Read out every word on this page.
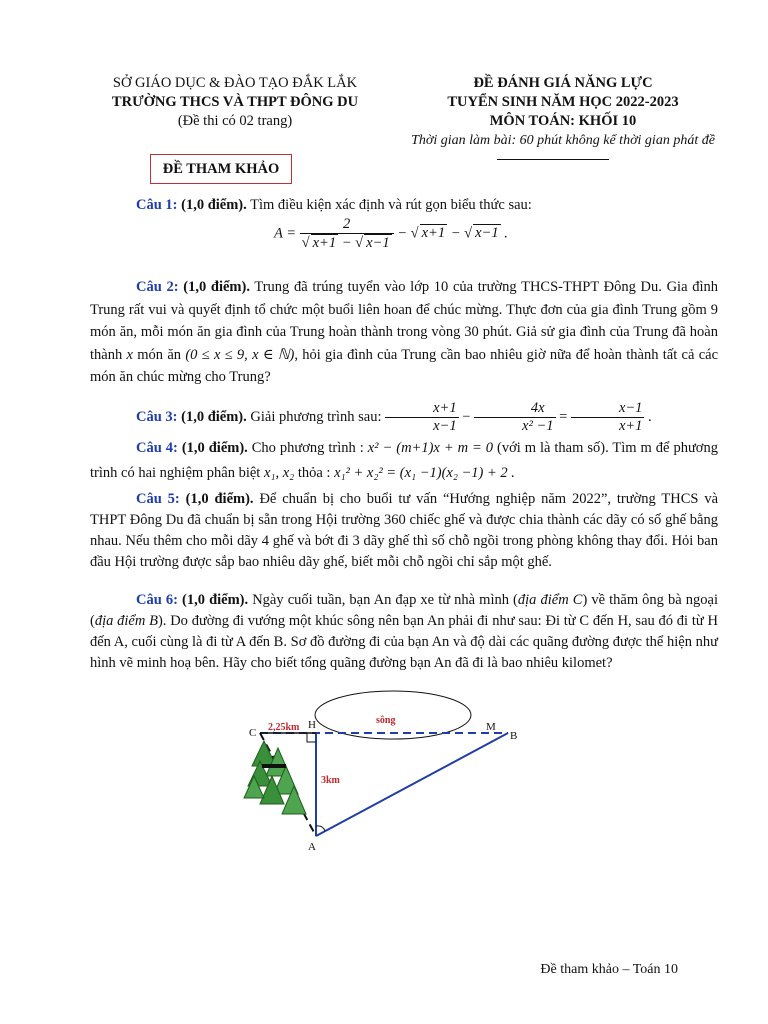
SỞ GIÁO DỤC & ĐÀO TẠO ĐẮK LẮK
TRƯỜNG THCS VÀ THPT ĐÔNG DU
(Đề thi có 02 trang)
ĐỀ ĐÁNH GIÁ NĂNG LỰC
TUYỂN SINH NĂM HỌC 2022-2023
MÔN TOÁN: KHỐI 10
Thời gian làm bài: 60 phút không kể thời gian phát đề
ĐỀ THAM KHẢO
Câu 1: (1,0 điểm). Tìm điều kiện xác định và rút gọn biểu thức sau:
$A = \frac{2}{√ x+1 - √ x-1}$ − √ x+1 − √ x−1 .
Câu 2: (1,0 điểm). Trung đã trúng tuyển vào lớp 10 của trường THCS-THPT Đông Du. Gia đình Trung rất vui và quyết định tổ chức một buổi liên hoan để chúc mừng. Thực đơn của gia đình Trung gồm 9 món ăn, mỗi món ăn gia đình của Trung hoàn thành trong vòng 30 phút. Giả sử gia đình của Trung đã hoàn thành x món ăn (0 ≤ x ≤ 9, x ∈ ℕ), hỏi gia đình của Trung cần bao nhiêu giờ nữa để hoàn thành tất cả các món ăn chúc mừng cho Trung?
Câu 3: (1,0 điểm). Giải phương trình sau: $\frac{x+1}{x-1} - \frac{4x}{\text{x² −1}} = \frac{x-1}{x+1}$ .
Câu 4: (1,0 điểm). Cho phương trình : x² − (m+1)x + m = 0 (với m là tham số). Tìm m để phương trình có hai nghiệm phân biệt x₁, x₂ thỏa : x₁² + x₂² = (x₁ −1)(x₂ −1) + 2 .
Câu 5: (1,0 điểm). Để chuẩn bị cho buổi tư vấn “Hướng nghiệp năm 2022”, trường THCS và THPT Đông Du đã chuẩn bị sẵn trong Hội trường 360 chiếc ghế và được chia thành các dãy có số ghế bằng nhau. Nếu thêm cho mỗi dãy 4 ghế và bớt đi 3 dãy ghế thì số chỗ ngồi trong phòng không thay đổi. Hỏi ban đầu Hội trường được sắp bao nhiêu dãy ghế, biết mỗi chỗ ngồi chỉ sắp một ghế.
Câu 6: (1,0 điểm). Ngày cuối tuần, bạn An đạp xe từ nhà mình (địa điểm C) về thăm ông bà ngoại (địa điểm B). Do đường đi vướng một khúc sông nên bạn An phải đi như sau: Đi từ C đến H, sau đó đi từ H đến A, cuối cùng là đi từ A đến B. Sơ đồ đường đi của bạn An và độ dài các quãng đường được thể hiện như hình vẽ minh hoạ bên. Hãy cho biết tổng quãng đường bạn An đã đi là bao nhiêu kilomet?
C
H	M
B
A
2,25km
3km
sông
Đề tham khảo – Toán 10
